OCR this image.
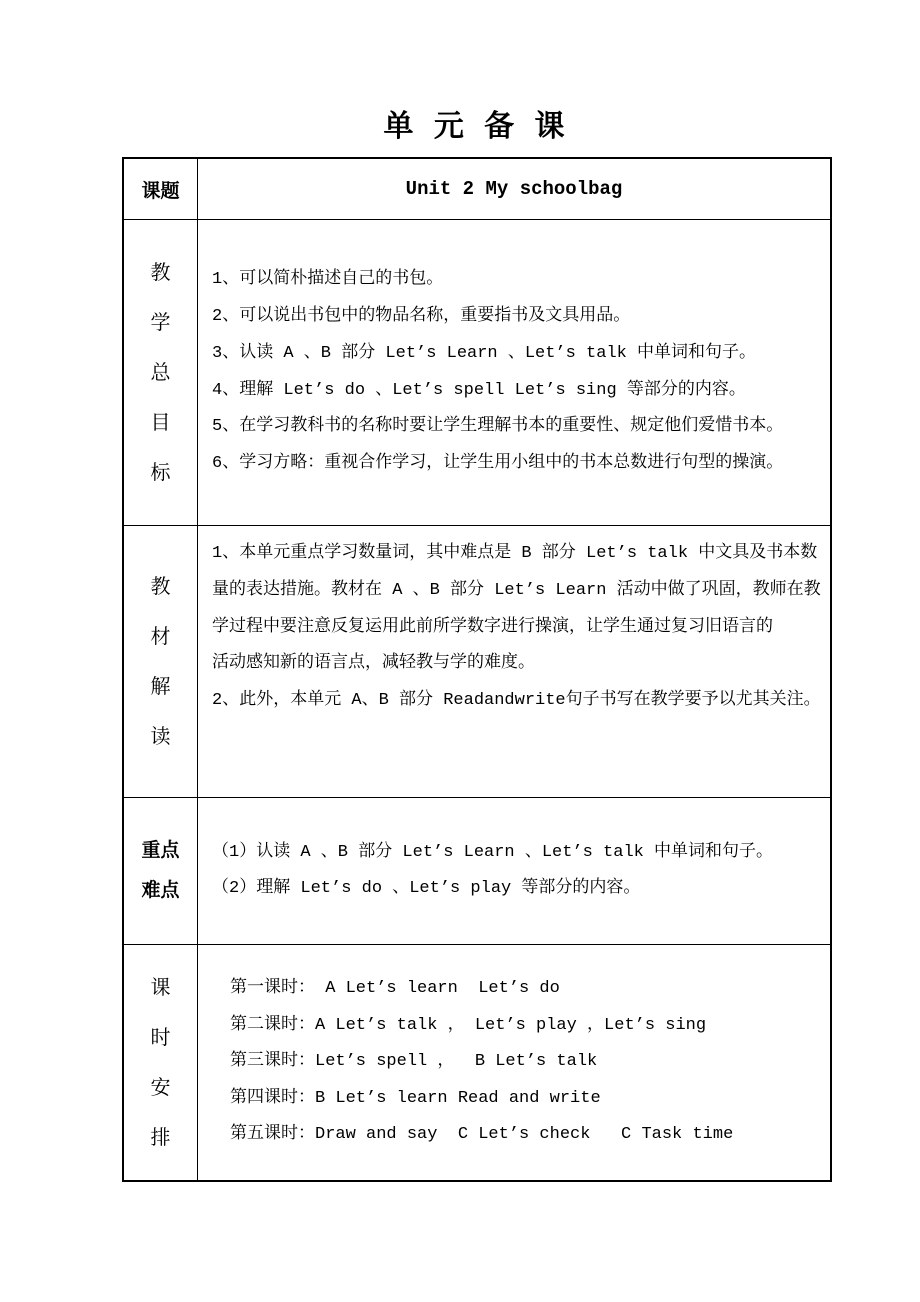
单 元 备 课
课题	Unit 2 My schoolbag
教
学
总
目
标
1、可以简朴描述自己的书包。
2、可以说出书包中的物品名称，重要指书及文具用品。
3、认读 A 、B 部分 Let’s Learn 、Let’s talk 中单词和句子。
4、理解 Let’s do 、Let’s spell Let’s sing 等部分的内容。
5、在学习教科书的名称时要让学生理解书本的重要性、规定他们爱惜书本。
6、学习方略：重视合作学习，让学生用小组中的书本总数进行句型的操演。
教
材
解
读
1、本单元重点学习数量词，其中难点是 B 部分 Let’s talk 中文具及书本数
量的表达措施。教材在 A 、B 部分 Let’s Learn 活动中做了巩固，教师在教
学过程中要注意反复运用此前所学数字进行操演，让学生通过复习旧语言的
活动感知新的语言点，减轻教与学的难度。
2、此外，本单元 A、B 部分 Readandwrite句子书写在教学要予以尤其关注。
重点
难点
（1）认读 A 、B 部分 Let’s Learn 、Let’s talk 中单词和句子。
（2）理解 Let’s do 、Let’s play 等部分的内容。
课
时
安
排
第一课时： A Let’s learn  Let’s do
第二课时：A Let’s talk ， Let’s play ，Let’s sing
第三课时：Let’s spell ，  B Let’s talk
第四课时：B Let’s learn Read and write
第五课时：Draw and say  C Let’s check   C Task time
